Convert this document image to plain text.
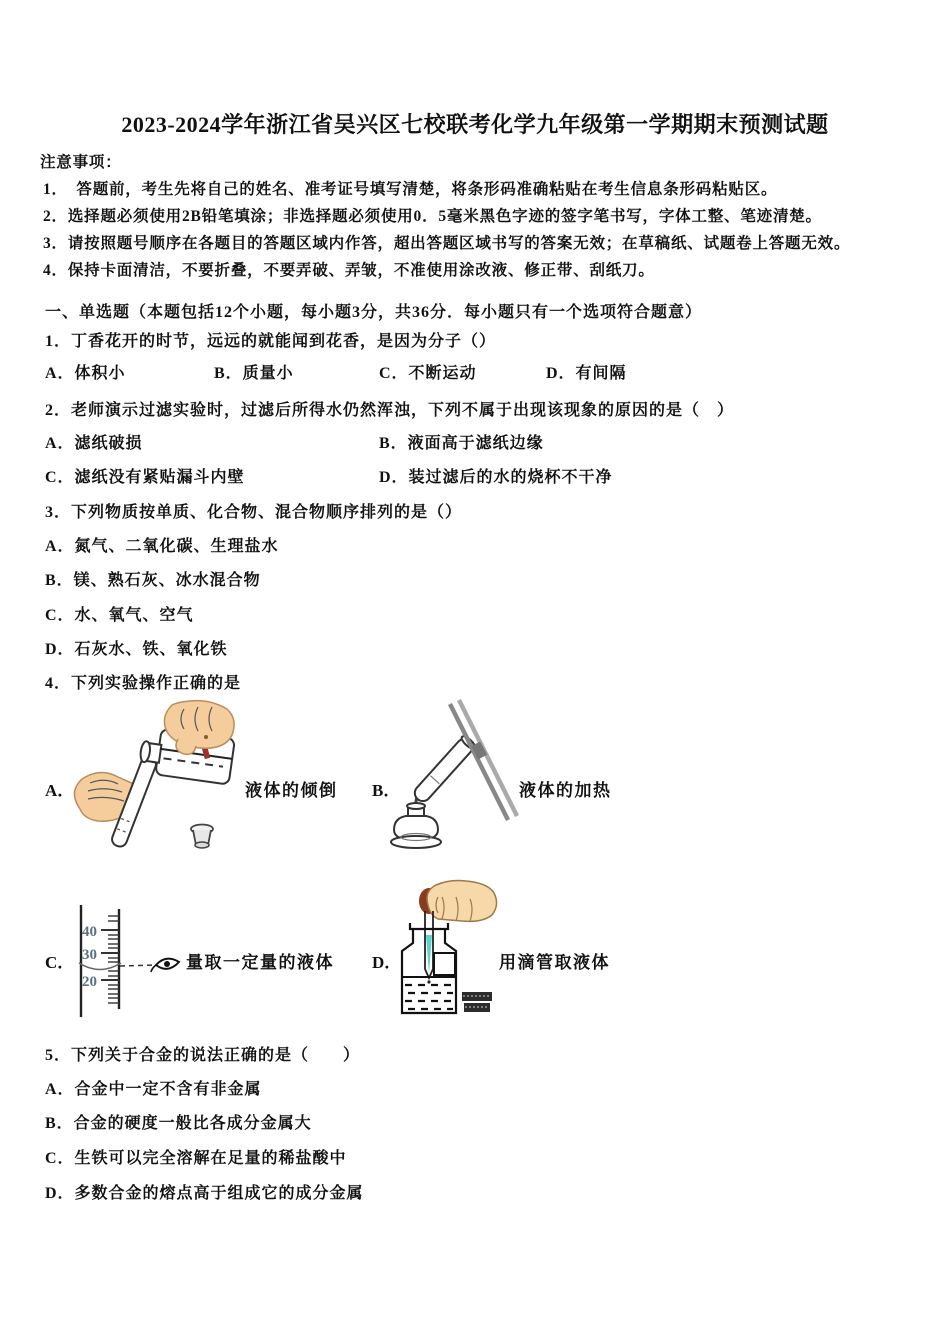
2023-2024学年浙江省吴兴区七校联考化学九年级第一学期期末预测试题
注意事项：
1．　答题前，考生先将自己的姓名、准考证号填写清楚，将条形码准确粘贴在考生信息条形码粘贴区。
2．选择题必须使用2B铅笔填涂；非选择题必须使用0．5毫米黑色字迹的签字笔书写，字体工整、笔迹清楚。
3．请按照题号顺序在各题目的答题区域内作答，超出答题区域书写的答案无效；在草稿纸、试题卷上答题无效。
4．保持卡面清洁，不要折叠，不要弄破、弄皱，不准使用涂改液、修正带、刮纸刀。
一、单选题（本题包括12个小题，每小题3分，共36分．每小题只有一个选项符合题意）
1．丁香花开的时节，远远的就能闻到花香，是因为分子（）
A．体积小	B．质量小	C．不断运动	D．有间隔
2．老师演示过滤实验时，过滤后所得水仍然浑浊，下列不属于出现该现象的原因的是（　）
A．滤纸破损	B．液面高于滤纸边缘
C．滤纸没有紧贴漏斗内壁	D．装过滤后的水的烧杯不干净
3．下列物质按单质、化合物、混合物顺序排列的是（）
A．氮气、二氧化碳、生理盐水
B．镁、熟石灰、冰水混合物
C．水、氧气、空气
D．石灰水、铁、氧化铁
4．下列实验操作正确的是
A．	液体的倾倒 B．	液体的加热
C．
40
30
20
量取一定量的液体 D．	用滴管取液体
5．下列关于合金的说法正确的是（　　）
A．合金中一定不含有非金属
B．合金的硬度一般比各成分金属大
C．生铁可以完全溶解在足量的稀盐酸中
D．多数合金的熔点高于组成它的成分金属
